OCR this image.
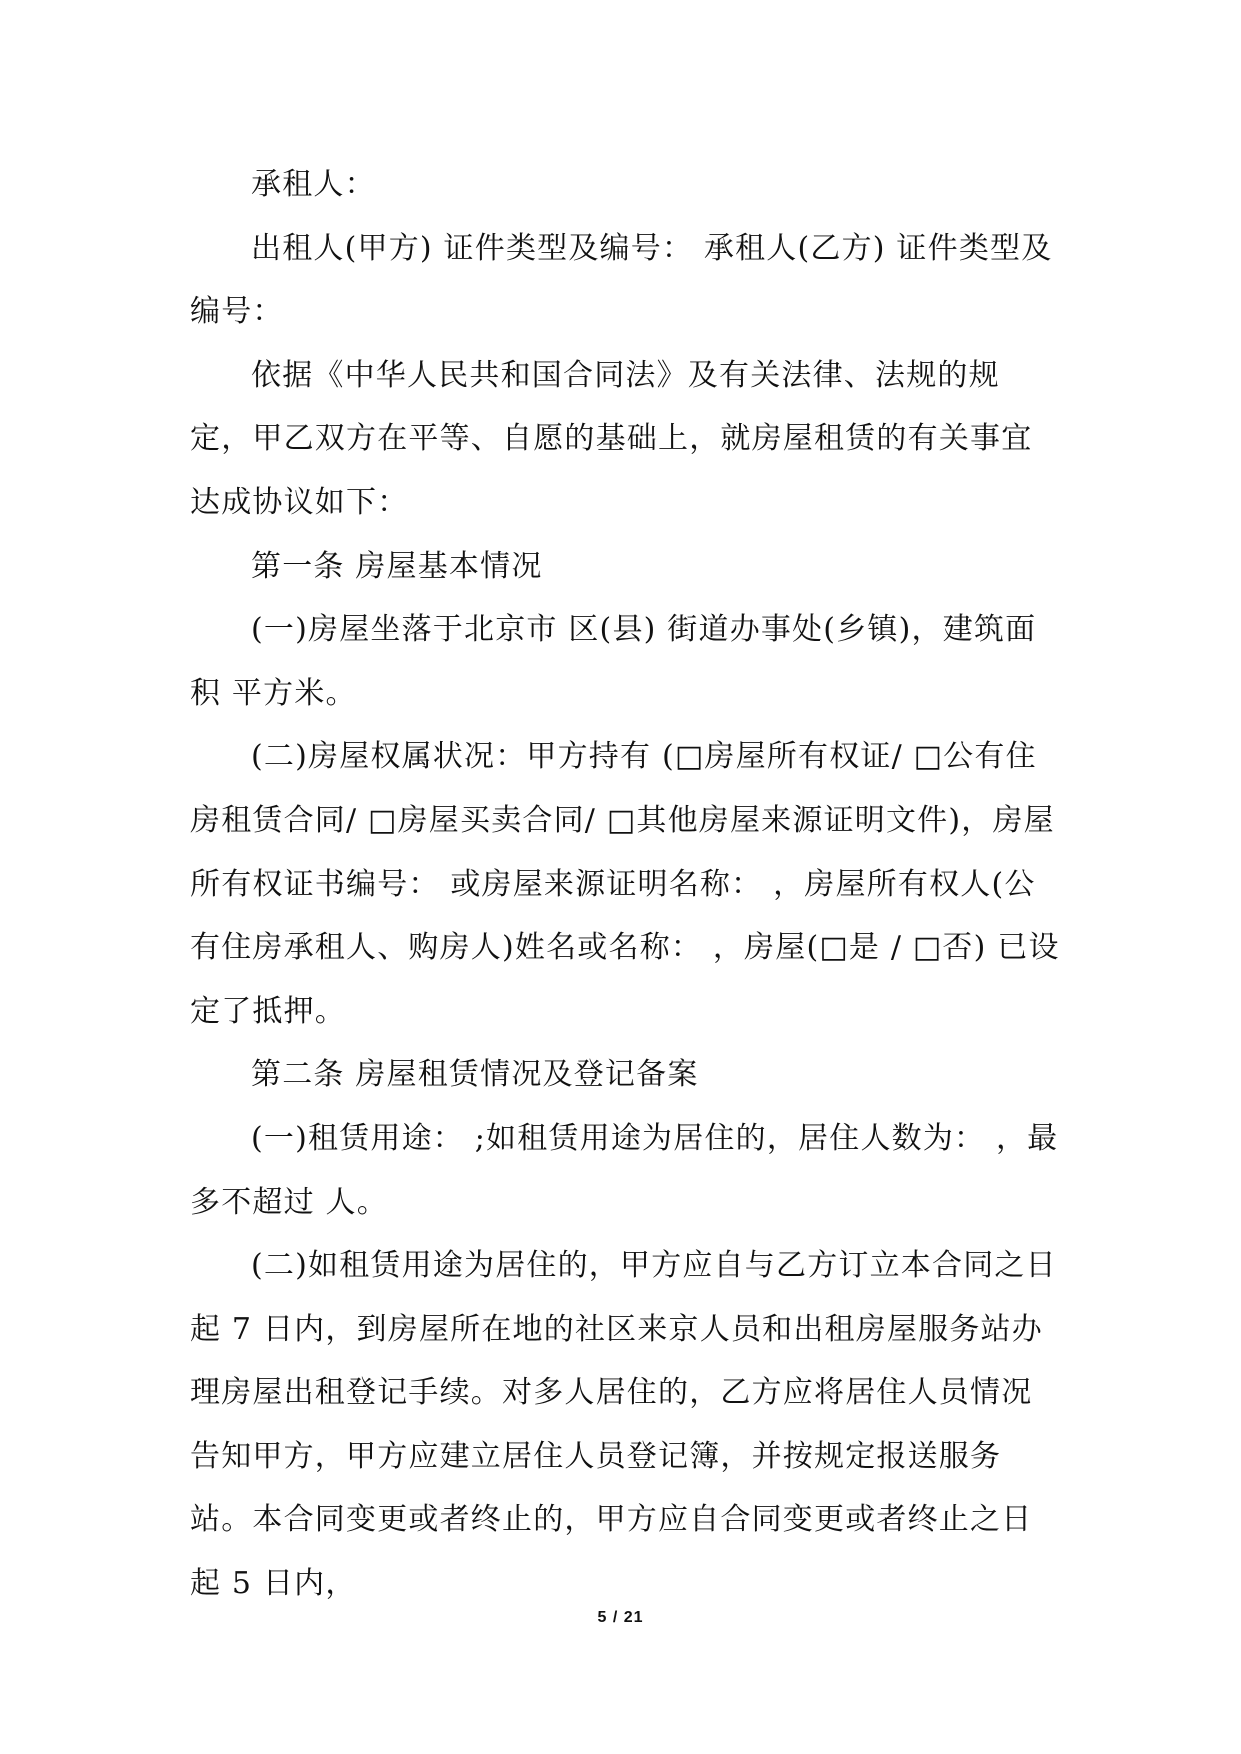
承租人：

出租人(甲方) 证件类型及编号： 承租人(乙方) 证件类型及编号：

依据《中华人民共和国合同法》及有关法律、法规的规定，甲乙双方在平等、自愿的基础上，就房屋租赁的有关事宜达成协议如下：

第一条 房屋基本情况

(一)房屋坐落于北京市 区(县) 街道办事处(乡镇)，建筑面积 平方米。

(二)房屋权属状况：甲方持有 (□房屋所有权证/ □公有住房租赁合同/ □房屋买卖合同/ □其他房屋来源证明文件)，房屋所有权证书编号： 或房屋来源证明名称： ，房屋所有权人(公有住房承租人、购房人)姓名或名称： ，房屋(□是 / □否) 已设定了抵押。

第二条 房屋租赁情况及登记备案

(一)租赁用途： ;如租赁用途为居住的，居住人数为： ，最多不超过 人。

(二)如租赁用途为居住的，甲方应自与乙方订立本合同之日起 7 日内，到房屋所在地的社区来京人员和出租房屋服务站办理房屋出租登记手续。对多人居住的，乙方应将居住人员情况告知甲方，甲方应建立居住人员登记簿，并按规定报送服务站。本合同变更或者终止的，甲方应自合同变更或者终止之日起 5 日内，

5 / 21
